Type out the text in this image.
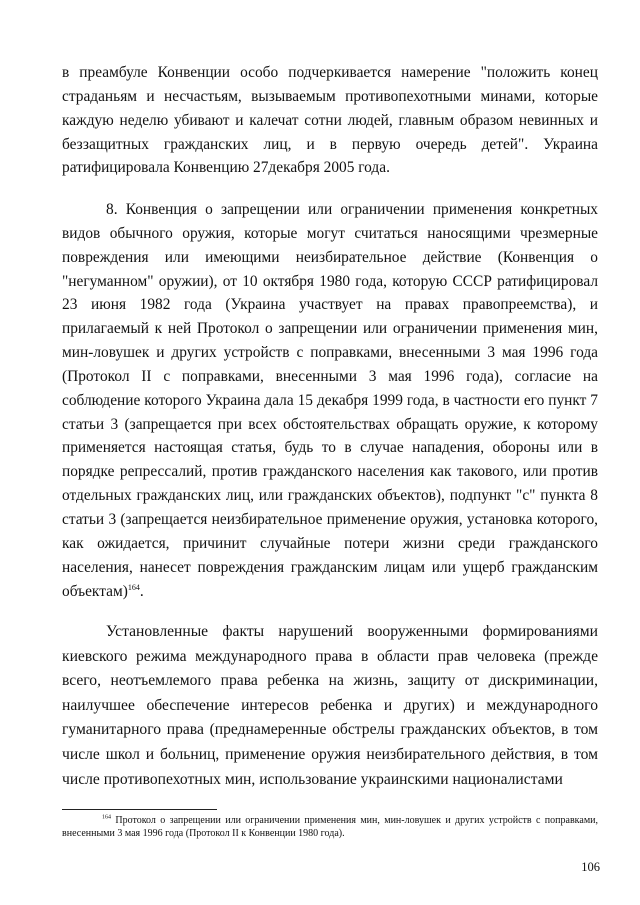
в преамбуле Конвенции особо подчеркивается намерение "положить конец страданьям и несчастьям, вызываемым противопехотными минами, которые каждую неделю убивают и калечат сотни людей, главным образом невинных и беззащитных гражданских лиц, и в первую очередь детей". Украина ратифицировала Конвенцию 27декабря 2005 года.

8. Конвенция о запрещении или ограничении применения конкретных видов обычного оружия, которые могут считаться наносящими чрезмерные повреждения или имеющими неизбирательное действие (Конвенция о "негуманном" оружии), от 10 октября 1980 года, которую СССР ратифицировал 23 июня 1982 года (Украина участвует на правах правопреемства), и прилагаемый к ней Протокол о запрещении или ограничении применения мин, мин-ловушек и других устройств с поправками, внесенными 3 мая 1996 года (Протокол II с поправками, внесенными 3 мая 1996 года), согласие на соблюдение которого Украина дала 15 декабря 1999 года, в частности его пункт 7 статьи 3 (запрещается при всех обстоятельствах обращать оружие, к которому применяется настоящая статья, будь то в случае нападения, обороны или в порядке репрессалий, против гражданского населения как такового, или против отдельных гражданских лиц, или гражданских объектов), подпункт "с" пункта 8 статьи 3 (запрещается неизбирательное применение оружия, установка которого, как ожидается, причинит случайные потери жизни среди гражданского населения, нанесет повреждения гражданским лицам или ущерб гражданским объектам)$^{164}$.

Установленные факты нарушений вооруженными формированиями киевского режима международного права в области прав человека (прежде всего, неотъемлемого права ребенка на жизнь, защиту от дискриминации, наилучшее обеспечение интересов ребенка и других) и международного гуманитарного права (преднамеренные обстрелы гражданских объектов, в том числе школ и больниц, применение оружия неизбирательного действия, в том числе противопехотных мин, использование украинскими националистами

$^{164}$ Протокол о запрещении или ограничении применения мин, мин-ловушек и других устройств с поправками, внесенными 3 мая 1996 года (Протокол II к Конвенции 1980 года).

106
